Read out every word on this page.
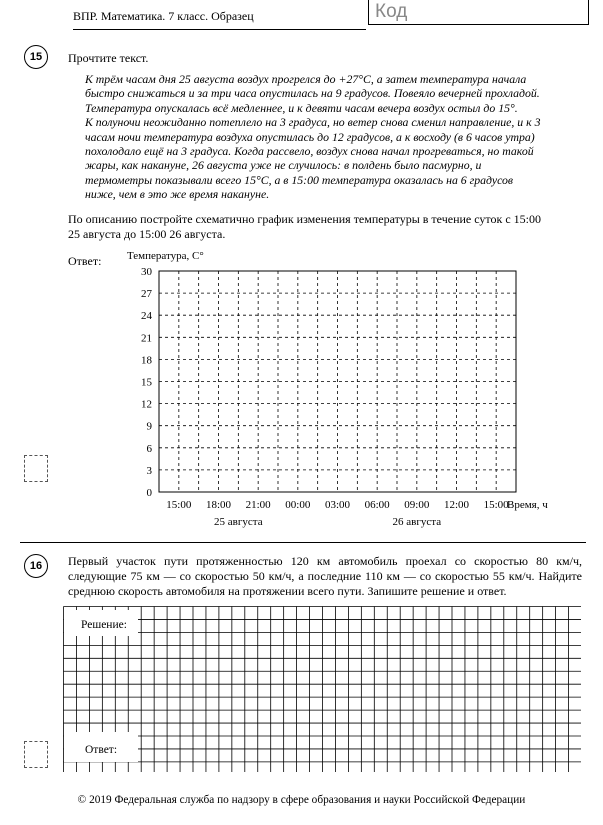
ВПР. Математика. 7 класс. Образец	Код
15	Прочтите текст.
К трём часам дня 25 августа воздух прогрелся до +27°С, а затем температура начала
быстро снижаться и за три часа опустилась на 9 градусов. Повеяло вечерней прохладой.
Температура опускалась всё медленнее, и к девяти часам вечера воздух остыл до 15°.
К полуночи неожиданно потеплело на 3 градуса, но ветер снова сменил направление, и к 3
часам ночи температура воздуха опустилась до 12 градусов, а к восходу (в 6 часов утра)
похолодало ещё на 3 градуса. Когда рассвело, воздух снова начал прогреваться, но такой
жары, как накануне, 26 августа уже не случилось: в полдень было пасмурно, и
термометры показывали всего 15°С, а в 15:00 температура оказалась на 6 градусов
ниже, чем в это же время накануне.
По описанию постройте схематично график изменения температуры в течение суток с 15:00
25 августа до 15:00 26 августа.
Ответ: Температура, С°
0
3
6
9
12
15
18
21
24
27
30
15:00 18:00 21:00 00:00 03:00 06:00 09:00 12:00 15:00
Время, ч
25 августа	26 августа
16	Первый участок пути протяженностью 120 км автомобиль проехал со скоростью 80 км/ч,
следующие 75 км — со скоростью 50 км/ч, а последние 110 км — со скоростью 55 км/ч. Найдите
среднюю скорость автомобиля на протяжении всего пути. Запишите решение и ответ.
Решение:
Ответ:
© 2019 Федеральная служба по надзору в сфере образования и науки Российской Федерации
